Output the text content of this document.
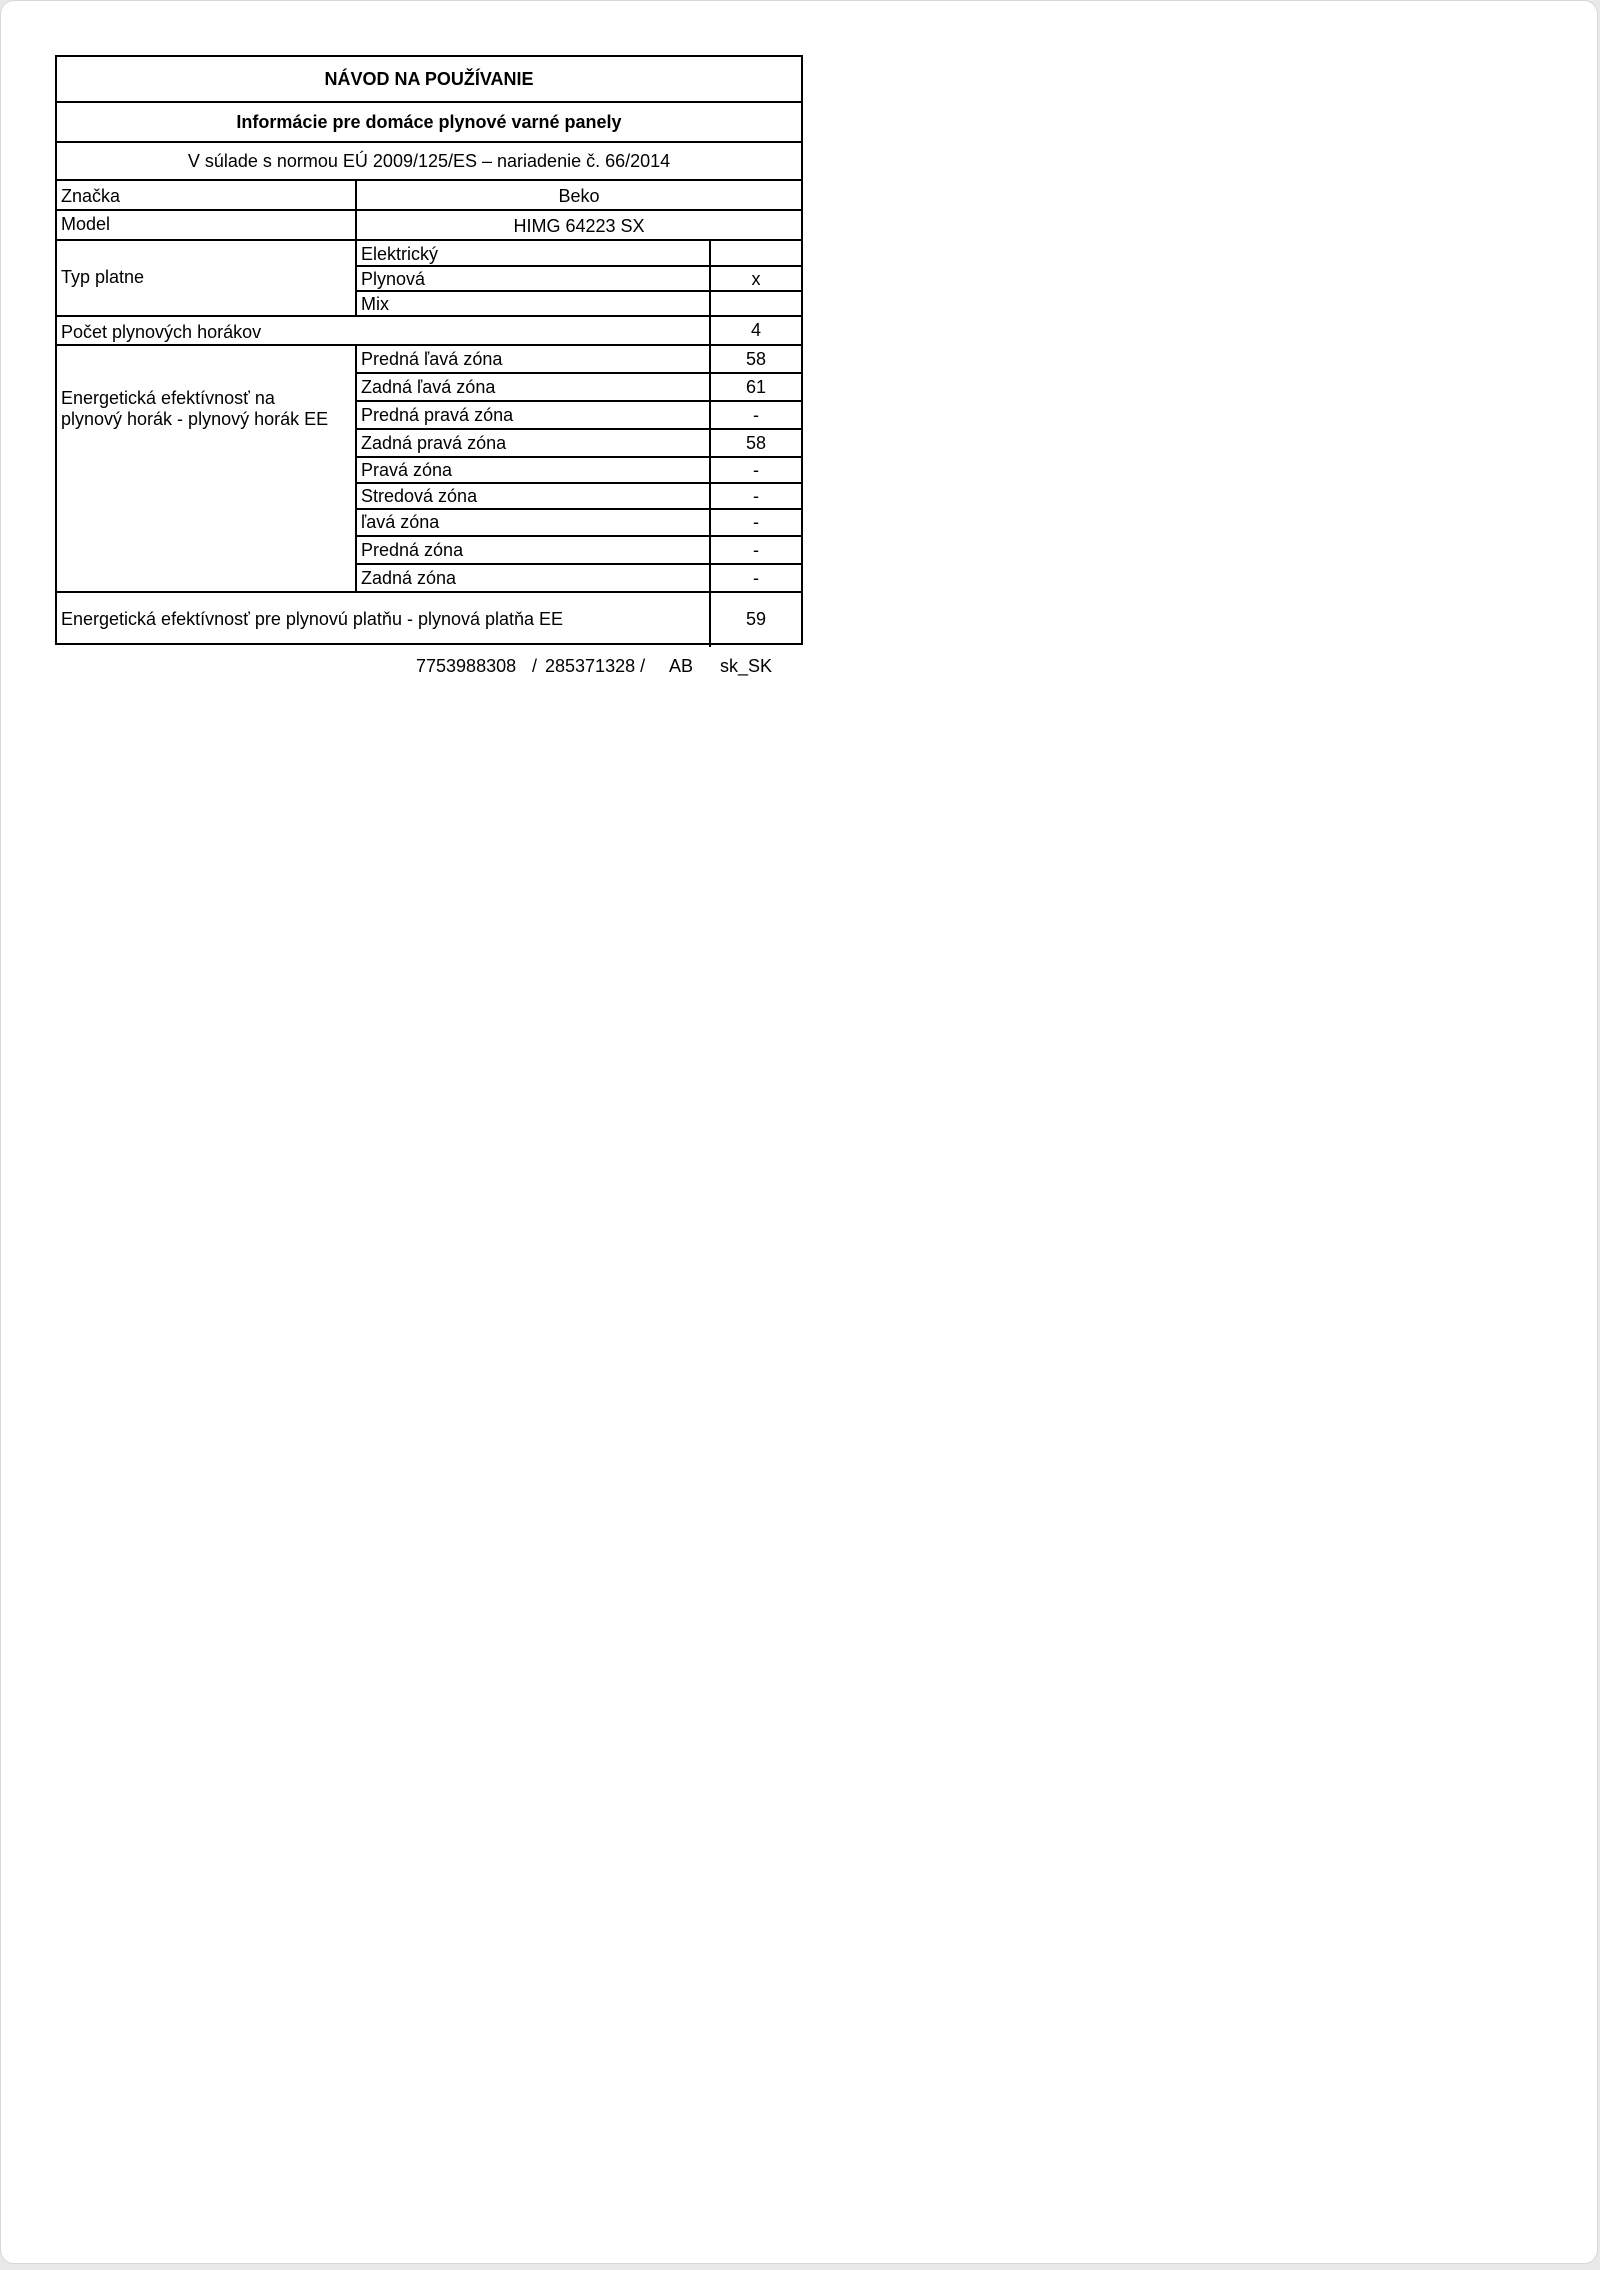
NÁVOD NA POUŽÍVANIE
Informácie pre domáce plynové varné panely
V súlade s normou EÚ 2009/125/ES – nariadenie č. 66/2014
Značka	Beko
Model	HIMG 64223 SX
Typ platne
Elektrický
Plynová	x
Mix
Počet plynových horákov	4
Energetická efektívnosť na
plynový horák - plynový horák EE
Predná ľavá zóna	58
Zadná ľavá zóna	61
Predná pravá zóna	-
Zadná pravá zóna	58
Pravá zóna	-
Stredová zóna	-
ľavá zóna	-
Predná zóna	-
Zadná zóna	-
Energetická efektívnosť pre plynovú platňu - plynová platňa EE	59
7753988308 / 285371328 / AB sk_SK
